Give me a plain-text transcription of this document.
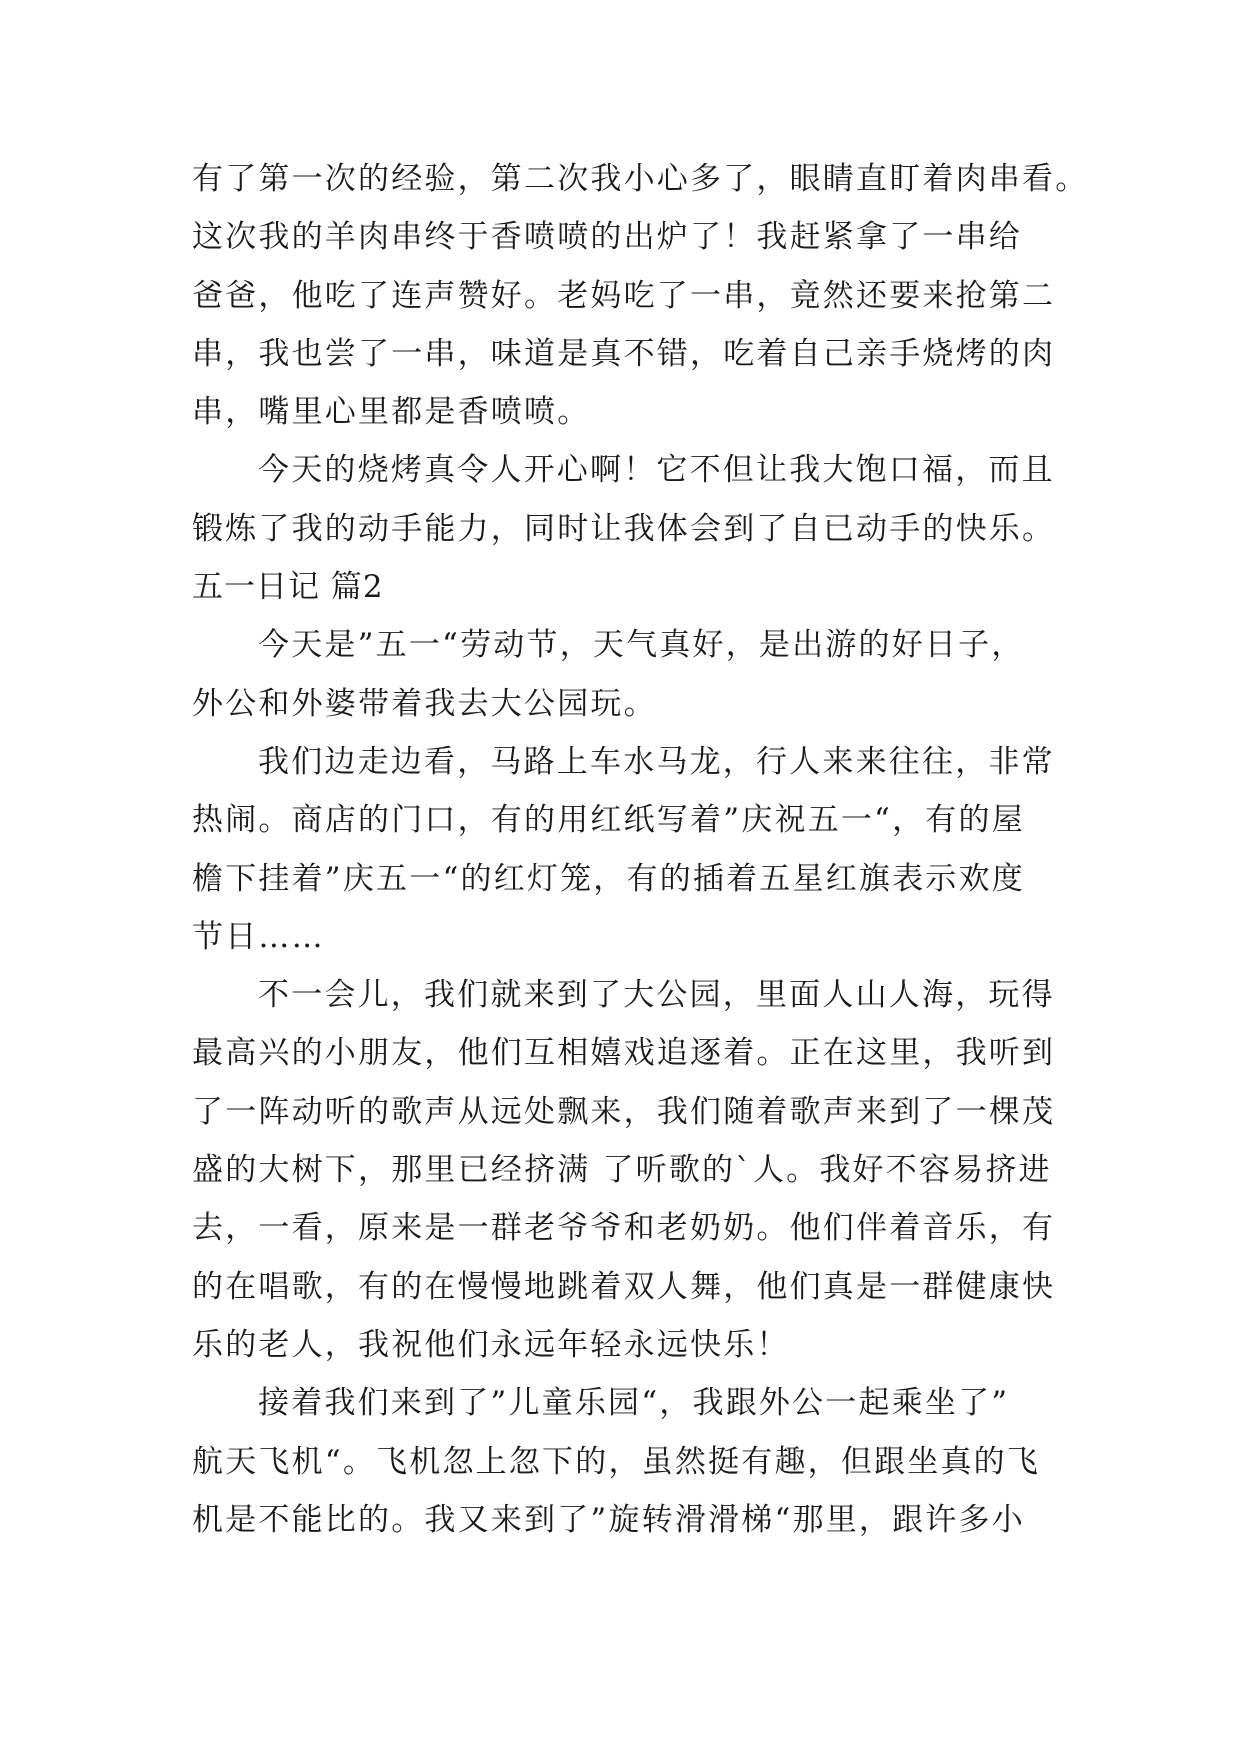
有了第一次的经验，第二次我小心多了，眼睛直盯着肉串看。
这次我的羊肉串终于香喷喷的出炉了！我赶紧拿了一串给
爸爸，他吃了连声赞好。老妈吃了一串，竟然还要来抢第二
串，我也尝了一串，味道是真不错，吃着自己亲手烧烤的肉
串，嘴里心里都是香喷喷。
今天的烧烤真令人开心啊！它不但让我大饱口福，而且
锻炼了我的动手能力，同时让我体会到了自已动手的快乐。
五一日记 篇2
今天是”五一“劳动节，天气真好，是出游的好日子，
外公和外婆带着我去大公园玩。
我们边走边看，马路上车水马龙，行人来来往往，非常
热闹。商店的门口，有的用红纸写着”庆祝五一“，有的屋
檐下挂着”庆五一“的红灯笼，有的插着五星红旗表示欢度
节日……
不一会儿，我们就来到了大公园，里面人山人海，玩得
最高兴的小朋友，他们互相嬉戏追逐着。正在这里，我听到
了一阵动听的歌声从远处飘来，我们随着歌声来到了一棵茂
盛的大树下，那里已经挤满 了听歌的`人。我好不容易挤进
去，一看，原来是一群老爷爷和老奶奶。他们伴着音乐，有
的在唱歌，有的在慢慢地跳着双人舞，他们真是一群健康快
乐的老人，我祝他们永远年轻永远快乐！
接着我们来到了”儿童乐园“，我跟外公一起乘坐了”
航天飞机“。飞机忽上忽下的，虽然挺有趣，但跟坐真的飞
机是不能比的。我又来到了”旋转滑滑梯“那里，跟许多小
